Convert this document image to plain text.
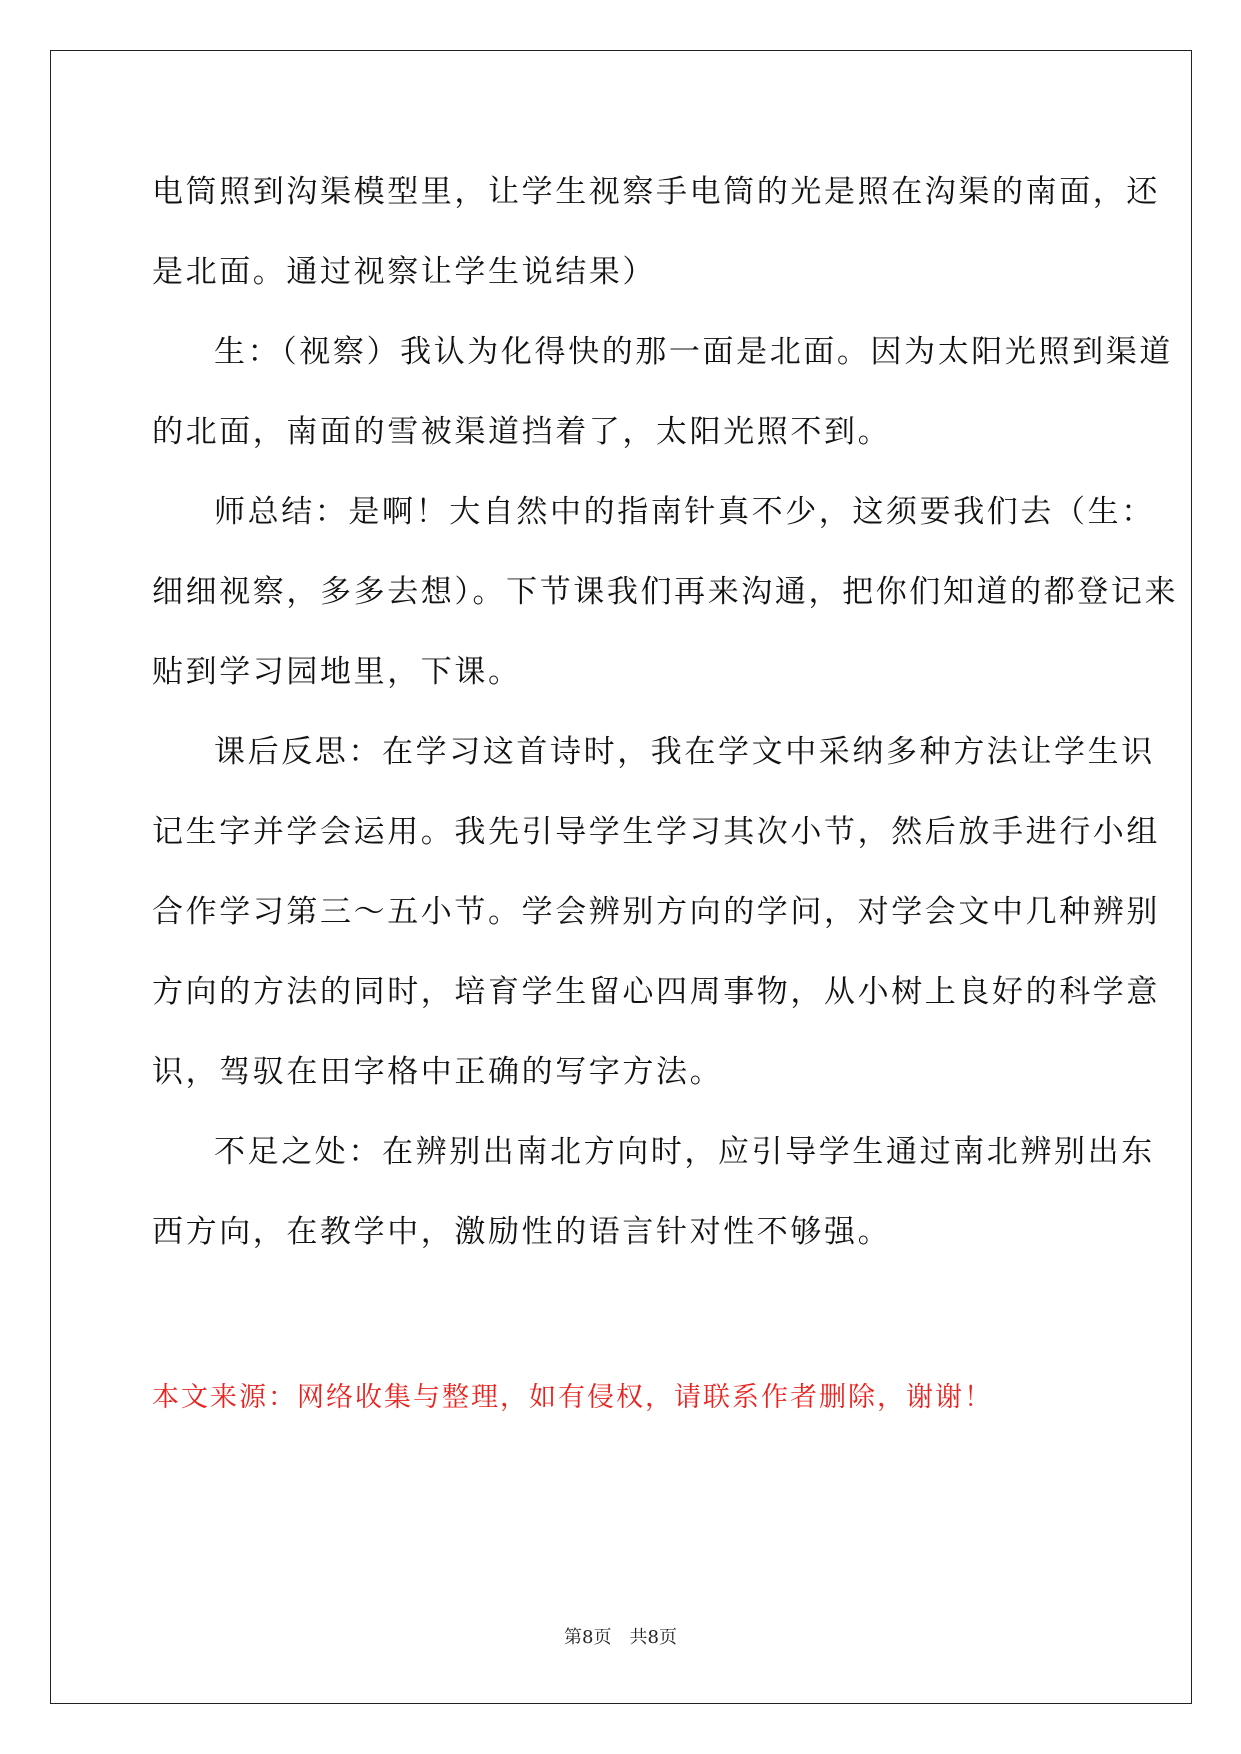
电筒照到沟渠模型里，让学生视察手电筒的光是照在沟渠的南面，还
是北面。通过视察让学生说结果）
生：（视察）我认为化得快的那一面是北面。因为太阳光照到渠道
的北面，南面的雪被渠道挡着了，太阳光照不到。
师总结：是啊！大自然中的指南针真不少，这须要我们去（生：
细细视察，多多去想）。下节课我们再来沟通，把你们知道的都登记来
贴到学习园地里，下课。
课后反思：在学习这首诗时，我在学文中采纳多种方法让学生识
记生字并学会运用。我先引导学生学习其次小节，然后放手进行小组
合作学习第三～五小节。学会辨别方向的学问，对学会文中几种辨别
方向的方法的同时，培育学生留心四周事物，从小树上良好的科学意
识，驾驭在田字格中正确的写字方法。
不足之处：在辨别出南北方向时，应引导学生通过南北辨别出东
西方向，在教学中，激励性的语言针对性不够强。
本文来源：网络收集与整理，如有侵权，请联系作者删除，谢谢！
第8页　共8页
